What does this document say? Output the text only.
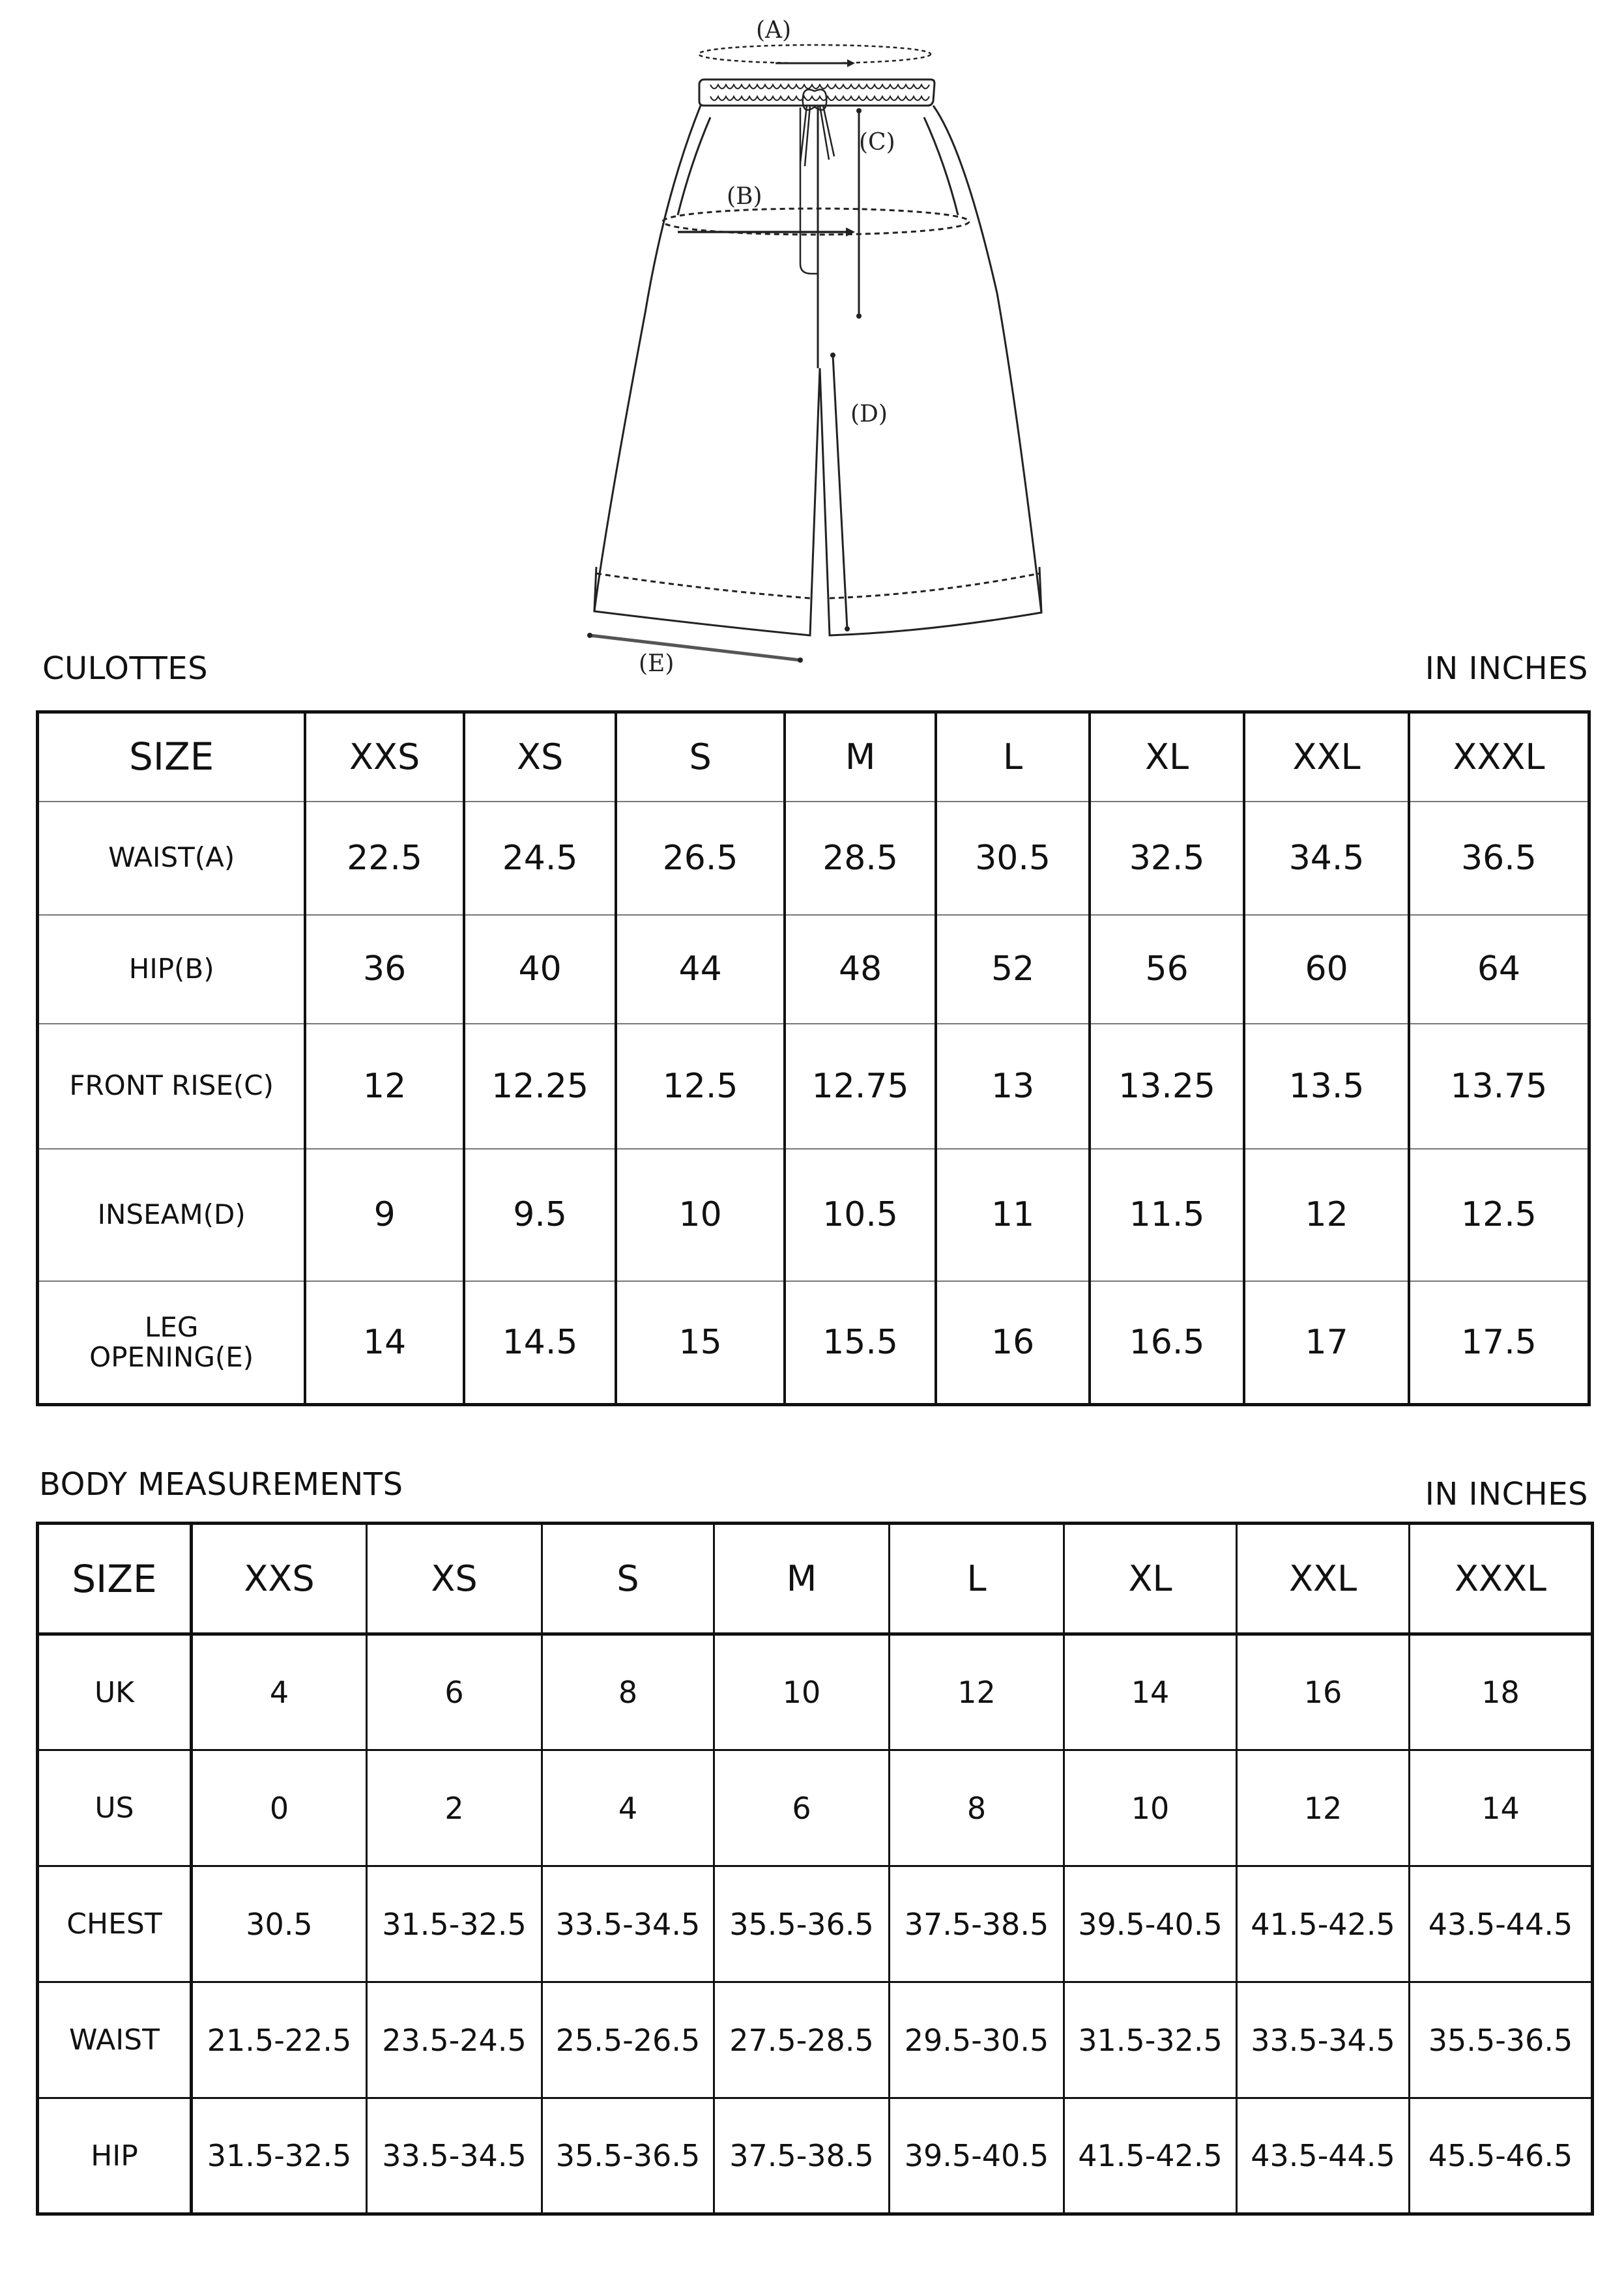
(A)
(B)
(C)
(D)
(E)
CULOTTES	IN INCHES
SIZE	XXS	XS	S	M	L	XL	XXL	XXXL
WAIST(A)	22.5	24.5	26.5	28.5	30.5	32.5	34.5	36.5
HIP(B)	36	40	44	48	52	56	60	64
FRONT RISE(C)	12	12.25	12.5	12.75	13	13.25	13.5	13.75
INSEAM(D)	9	9.5	10	10.5	11	11.5	12	12.5

LEG
OPENING(E)	14	14.5	15	15.5	16	16.5	17	17.5
BODY MEASUREMENTS	IN INCHES
SIZE	XXS	XS	S	M	L	XL	XXL	XXXL
UK	4	6	8	10	12	14	16	18
US	0	2	4	6	8	10	12	14
CHEST	30.5	31.5-32.5	33.5-34.5	35.5-36.5	37.5-38.5	39.5-40.5	41.5-42.5	43.5-44.5
WAIST	21.5-22.5	23.5-24.5	25.5-26.5	27.5-28.5	29.5-30.5	31.5-32.5	33.5-34.5	35.5-36.5
HIP	31.5-32.5	33.5-34.5	35.5-36.5	37.5-38.5	39.5-40.5	41.5-42.5	43.5-44.5	45.5-46.5
